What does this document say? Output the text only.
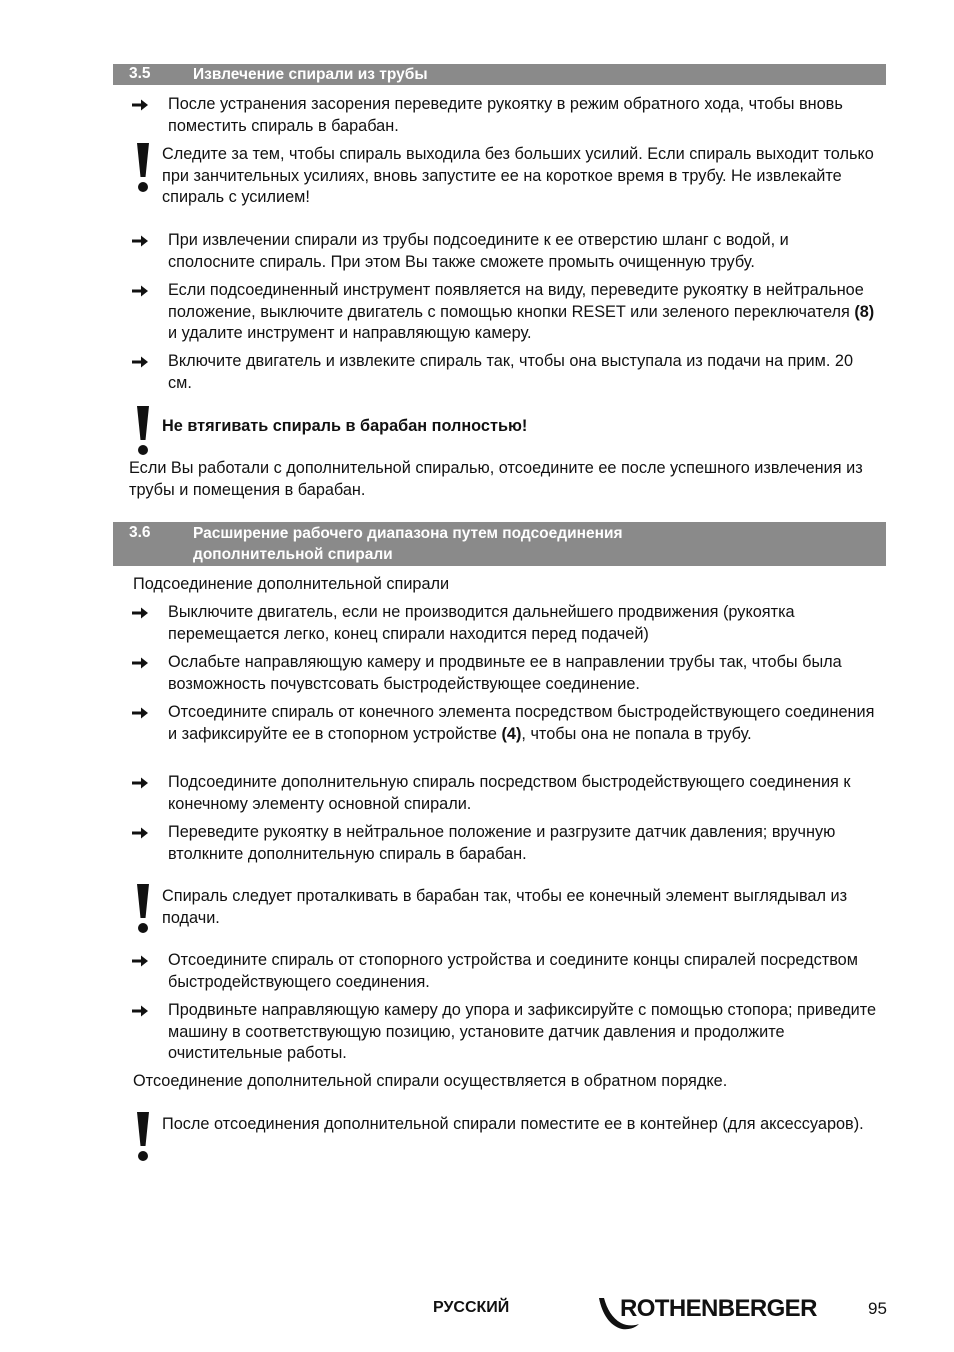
3.5	Извлечение спирали из трубы
После устранения засорения переведите рукоятку в режим обратного хода, чтобы вновь поместить спираль в барабан.
Следите за тем, чтобы спираль выходила без больших усилий. Если спираль выходит только при занчительных усилиях, вновь запустите ее на короткое время в трубу. Не извлекайте спираль с усилием!
При извлечении спирали из трубы подсоедините к ее отверстию шланг с водой, и сполосните спираль. При этом Вы также сможете промыть очищенную трубу.
Если подсоединенный инструмент появляется на виду, переведите рукоятку в нейтральное положение, выключите двигатель с помощью кнопки RESET или зеленого переключателя (8) и удалите инструмент и направляющую камеру.
Включите двигатель и извлеките спираль так, чтобы она выступала из подачи на прим. 20 см.
Не втягивать спираль в барабан полностью!
Если Вы работали с дополнительной спиралью, отсоедините ее после успешного извлечения из трубы и помещения в барабан.
3.6	Расширение рабочего диапазона путем подсоединения
дополнительной спирали
Подсоединение дополнительной спирали
Выключите двигатель, если не производится дальнейшего продвижения (рукоятка перемещается легко, конец спирали находится перед подачей)
Ослабьте направляющую камеру и продвиньте ее в направлении трубы так, чтобы была возможность почувстсовать быстродействующее соединение.
Отсоедините спираль от конечного элемента посредством быстродействующего соединения и зафиксируйте ее в стопорном устройстве (4), чтобы она не попала в трубу.
Подсоедините дополнительную спираль посредством быстродействующего соединения к конечному элементу основной спирали.
Переведите рукоятку в нейтральное положение и разгрузите датчик давления; вручную втолкните дополнительную спираль в барабан.
Спираль следует проталкивать в барабан так, чтобы ее конечный элемент выглядывал из подачи.
Отсоедините спираль от стопорного устройства и соедините концы спиралей посредством быстродействующего соединения.
Продвиньте направляющую камеру до упора и зафиксируйте с помощью стопора; приведите машину в соответствующую позицию, установите датчик давления и продолжите очистительные работы.
Отсоединение дополнительной спирали осуществляется в обратном порядке.
После отсоединения дополнительной спирали поместите ее в контейнер (для аксессуаров).
РУССКИЙ	ROTHENBERGER	95
